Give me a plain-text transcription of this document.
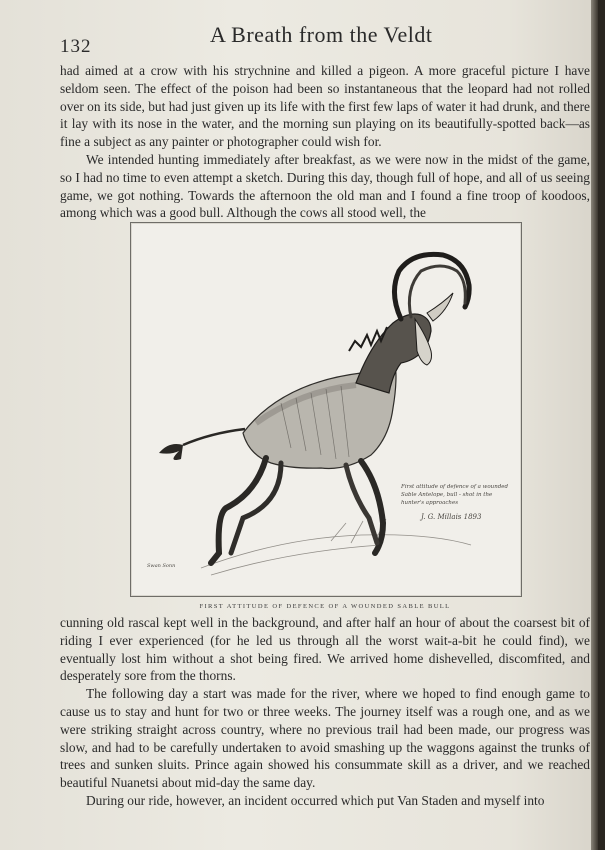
132	A Breath from the Veldt

had aimed at a crow with his strychnine and killed a pigeon. A more graceful picture I have seldom seen. The effect of the poison had been so instantaneous that the leopard had not rolled over on its side, but had just given up its life with the first few laps of water it had drunk, and there it lay with its nose in the water, and the morning sun playing on its beautifully-spotted back—as fine a subject as any painter or photographer could wish for.

We intended hunting immediately after breakfast, as we were now in the midst of the game, so I had no time to even attempt a sketch. During this day, though full of hope, and all of us seeing game, we got nothing. Towards the afternoon the old man and I found a fine troop of koodoos, among which was a good bull. Although the cows all stood well, the

First attitude of defence of a wounded
Sable Antelope, bull - shot in the
hunter's approaches
J. G. Millais 1893
Swan Sonn
FIRST ATTITUDE OF DEFENCE OF A WOUNDED SABLE BULL

cunning old rascal kept well in the background, and after half an hour of about the coarsest bit of riding I ever experienced (for he led us through all the worst wait-a-bit he could find), we eventually lost him without a shot being fired. We arrived home dishevelled, discomfited, and desperately sore from the thorns.

The following day a start was made for the river, where we hoped to find enough game to cause us to stay and hunt for two or three weeks. The journey itself was a rough one, and as we were striking straight across country, where no previous trail had been made, our progress was slow, and had to be carefully undertaken to avoid smashing up the waggons against the trunks of trees and sunken sluits. Prince again showed his consummate skill as a driver, and we reached beautiful Nuanetsi about mid-day the same day.

During our ride, however, an incident occurred which put Van Staden and myself into
